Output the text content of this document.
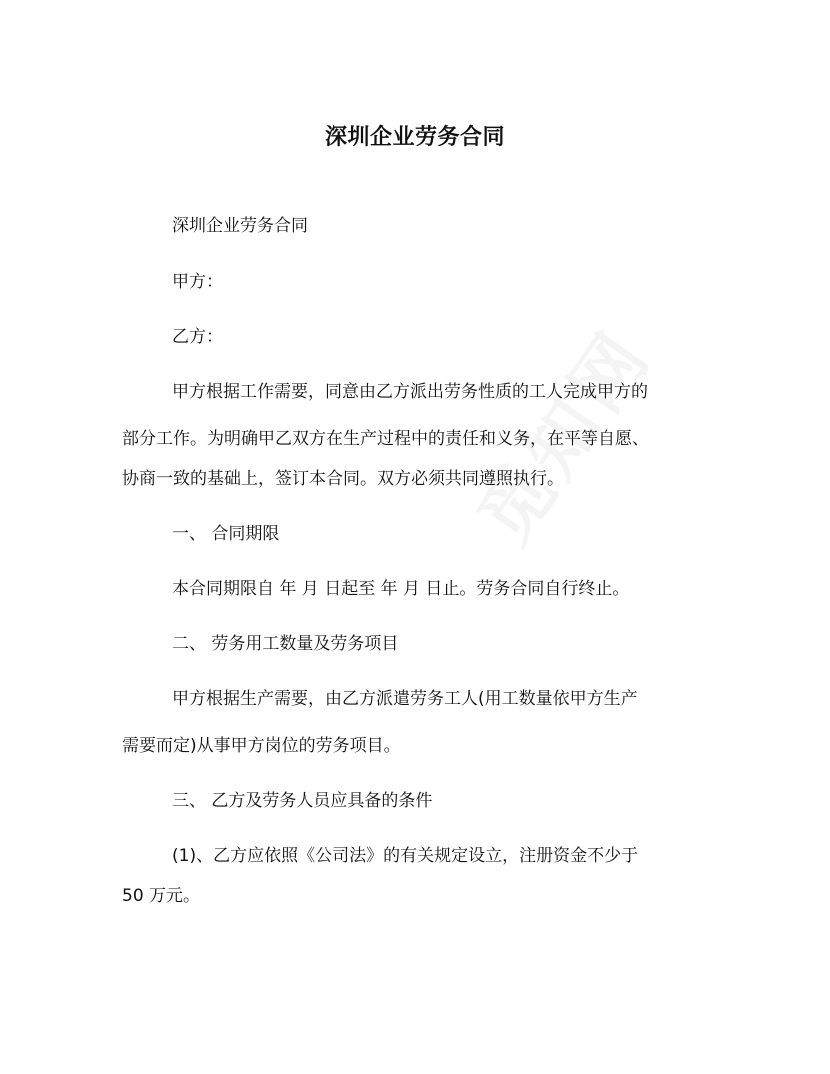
深圳企业劳务合同
深圳企业劳务合同
甲方：
乙方：
甲方根据工作需要，同意由乙方派出劳务性质的工人完成甲方的
部分工作。为明确甲乙双方在生产过程中的责任和义务，在平等自愿、
协商一致的基础上，签订本合同。双方必须共同遵照执行。
一、 合同期限
本合同期限自 年 月 日起至 年 月 日止。劳务合同自行终止。
二、 劳务用工数量及劳务项目
甲方根据生产需要，由乙方派遣劳务工人(用工数量依甲方生产
需要而定)从事甲方岗位的劳务项目。
三、 乙方及劳务人员应具备的条件
(1)、乙方应依照《公司法》的有关规定设立，注册资金不少于
50 万元。
